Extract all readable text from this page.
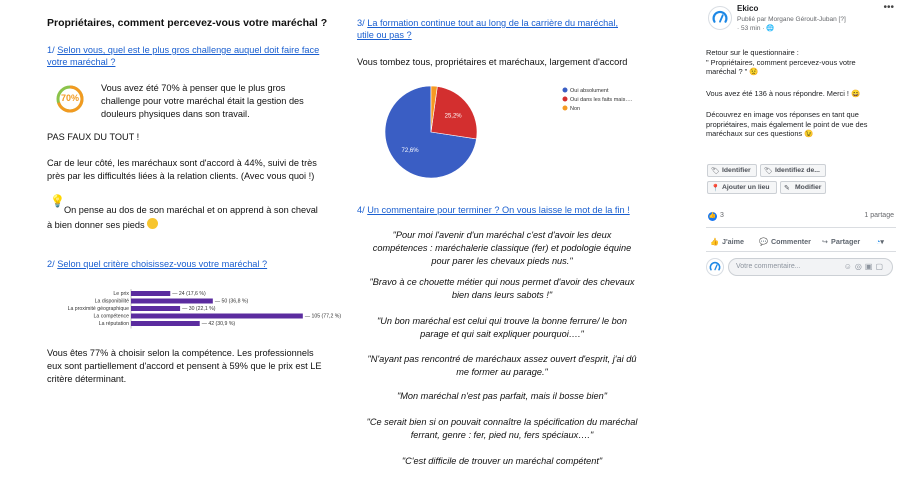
Propriétaires, comment percevez-vous votre maréchal ?
1/ Selon vous, quel est le plus gros challenge auquel doit faire face
votre maréchal ?
70%
Vous avez été 70% à penser que le plus gros
challenge pour votre maréchal était la gestion des
douleurs physiques dans son travail.
PAS FAUX DU TOUT !
Car de leur côté, les maréchaux sont d'accord à 44%, suivi de très
près par les difficultés liées à la relation clients. (Avec vous quoi !)
💡
On pense au dos de son maréchal et on apprend à son cheval
à bien donner ses pieds
2/ Selon quel critère choisissez-vous votre maréchal ?
Le prix	— 24 (17,6 %)
La disponibilité	— 50 (36,8 %)
La proximité géographique	— 30 (22,1 %)
La compétence	— 105 (77,2 %)
La réputation	— 42 (30,9 %)
Vous êtes 77% à choisir selon la compétence. Les professionnels
eux sont partiellement d'accord et pensent à 59% que le prix est LE
critère déterminant.
3/ La formation continue tout au long de la carrière du maréchal,
utile ou pas ?
Vous tombez tous, propriétaires et maréchaux, largement d'accord
72,6%
25,2%
Oui absolument
Oui dans les faits mais….
Non
4/ Un commentaire pour terminer ? On vous laisse le mot de la fin !
"Pour moi l'avenir d'un maréchal c'est d'avoir les deux
compétences : maréchalerie classique (fer) et podologie équine
pour parer les chevaux pieds nus."
"Bravo à ce chouette métier qui nous permet d'avoir des chevaux
bien dans leurs sabots !"
"Un bon maréchal est celui qui trouve la bonne ferrure/ le bon
parage et qui sait expliquer pourquoi…."
"N'ayant pas rencontré de maréchaux assez ouvert d'esprit, j'ai dû
me former au parage."
"Mon maréchal n'est pas parfait, mais il bosse bien"
"Ce serait bien si on pouvait connaître la spécification du maréchal
ferrant, genre : fer, pied nu, fers spéciaux…."
"C'est difficile de trouver un maréchal compétent"
Ekico
Publié par Morgane Géroult-Juban [?]
· 53 min · 🌐
•••
Retour sur le questionnaire :
" Propriétaires, comment percevez-vous votre
maréchal ? " 😟
Vous avez été 136 à nous répondre. Merci ! 😄
Découvrez en image vos réponses en tant que
propriétaires, mais également le point de vue des
maréchaux sur ces questions 😉
🏷 Identifier	🏷 Identifiez de...
📍 Ajouter un lieu	✎ Modifier
👍 3	1 partage
👍 J'aime 💬 Commenter ↪ Partager ◔▾
Votre commentaire...	☺◎▣▢
